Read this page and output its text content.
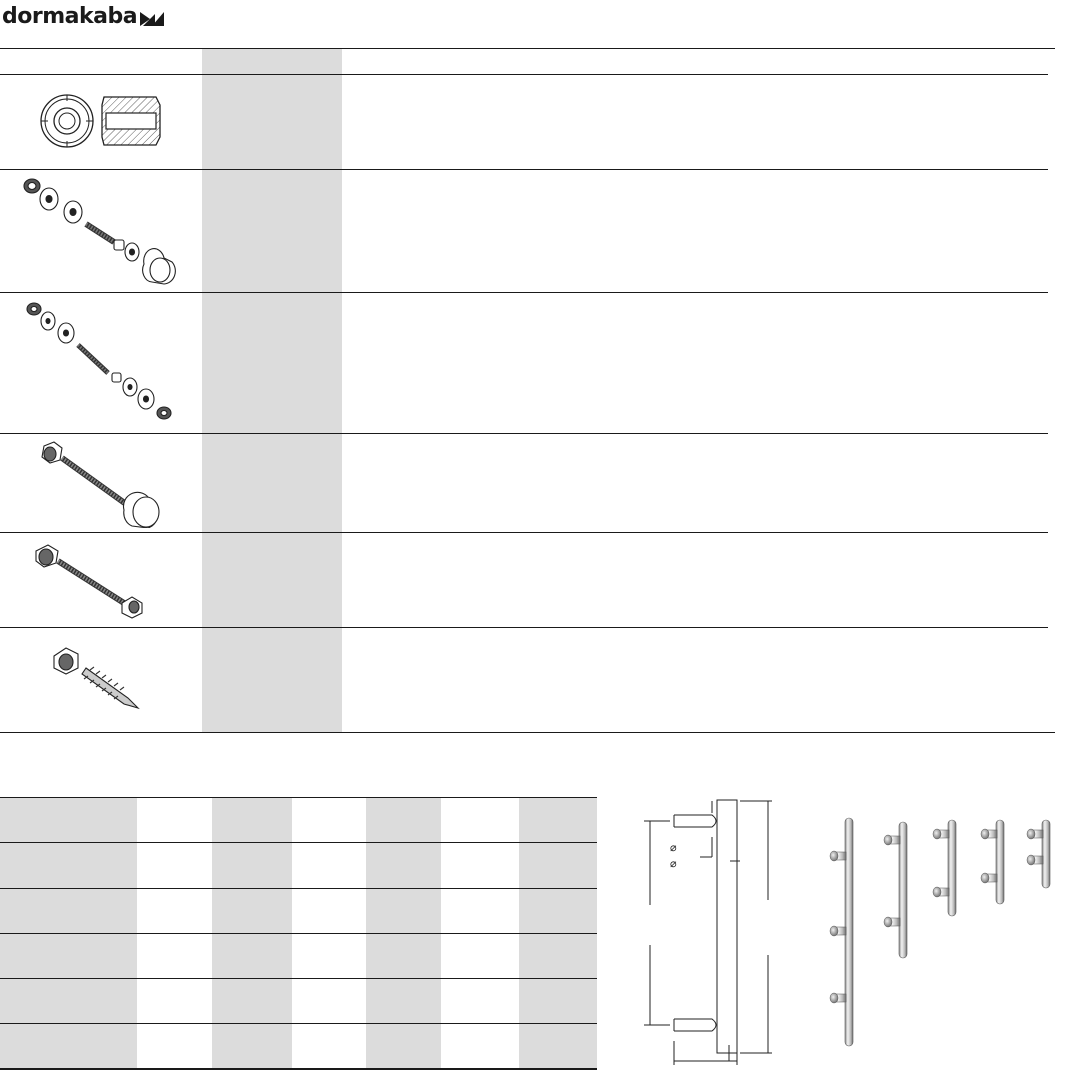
dormakaba
⌀
⌀
